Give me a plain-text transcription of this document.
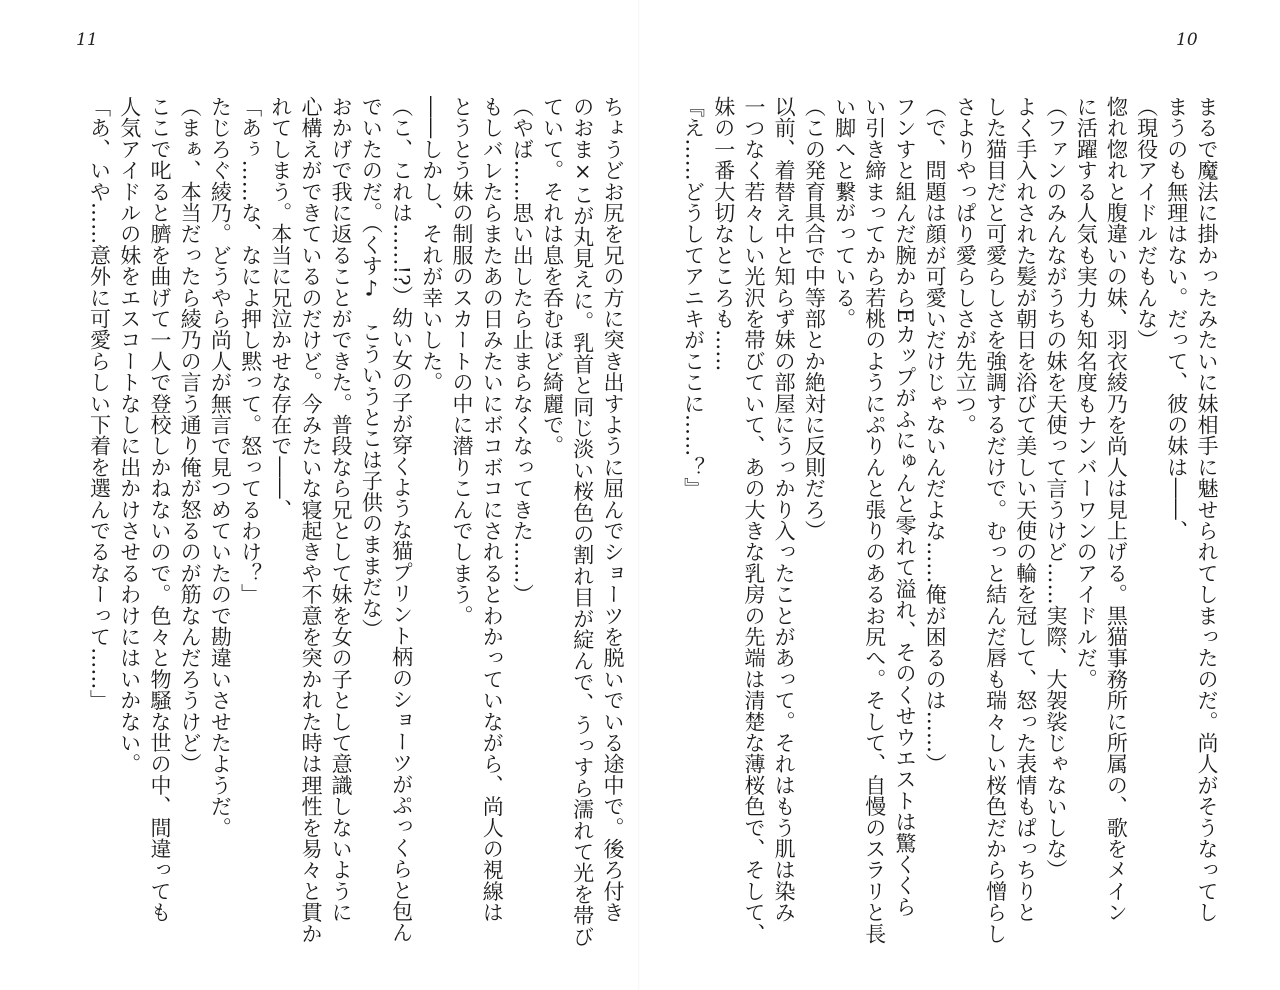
11	10
まるで魔法に掛かったみたいに妹相手に魅せられてしまったのだ。尚人がそうなってし
まうのも無理はない。だって、彼の妹は――、
（現役アイドルだもんな）
惚れ惚れと腹違いの妹、羽衣綾乃を尚人は見上げる。黒猫事務所に所属の、歌をメイン
に活躍する人気も実力も知名度もナンバーワンのアイドルだ。
（ファンのみんながうちの妹を天使って言うけど……実際、大袈裟じゃないしな）
よく手入れされた髪が朝日を浴びて美しい天使の輪を冠して、怒った表情もぱっちりと
した猫目だと可愛らしさを強調するだけで。むっと結んだ唇も瑞々しい桜色だから憎らし
さよりやっぱり愛らしさが先立つ。
（で、問題は顔が可愛いだけじゃないんだよな……俺が困るのは……）
フンすと組んだ腕からEカップがふにゅんと零れて溢れ、そのくせウエストは驚くくら
い引き締まってから若桃のようにぷりんと張りのあるお尻へ。そして、自慢のスラリと長
い脚へと繋がっている。
（この発育具合で中等部とか絶対に反則だろ）
以前、着替え中と知らず妹の部屋にうっかり入ったことがあって。それはもう肌は染み
一つなく若々しい光沢を帯びていて、あの大きな乳房の先端は清楚な薄桜色で、そして、
妹の一番大切なところも……
『え……どうしてアニキがここに……？』
ちょうどお尻を兄の方に突き出すように屈んでショーツを脱いでいる途中で。後ろ付き
のおま×こが丸見えに。乳首と同じ淡い桜色の割れ目が綻んで、うっすら濡れて光を帯び
ていて。それは息を呑むほど綺麗で。
（やば……思い出したら止まらなくなってきた……）
もしバレたらまたあの日みたいにボコボコにされるとわかっていながら、尚人の視線は
とうとう妹の制服のスカートの中に潜りこんでしまう。
――しかし、それが幸いした。
（こ、これは……!?）幼い女の子が穿くような猫プリント柄のショーツがぷっくらと包ん
でいたのだ。（くす♪　こういうとこは子供のままだな）
おかげで我に返ることができた。普段なら兄として妹を女の子として意識しないように
心構えができているのだけど。今みたいな寝起きや不意を突かれた時は理性を易々と貫か
れてしまう。本当に兄泣かせな存在で――、
「あぅ……な、なによ押し黙って。怒ってるわけ？」
たじろぐ綾乃。どうやら尚人が無言で見つめていたので勘違いさせたようだ。
（まぁ、本当だったら綾乃の言う通り俺が怒るのが筋なんだろうけど）
ここで叱ると臍を曲げて一人で登校しかねないので。色々と物騒な世の中、間違っても
人気アイドルの妹をエスコートなしに出かけさせるわけにはいかない。
「あ、いや……意外に可愛らしい下着を選んでるなーって……」
